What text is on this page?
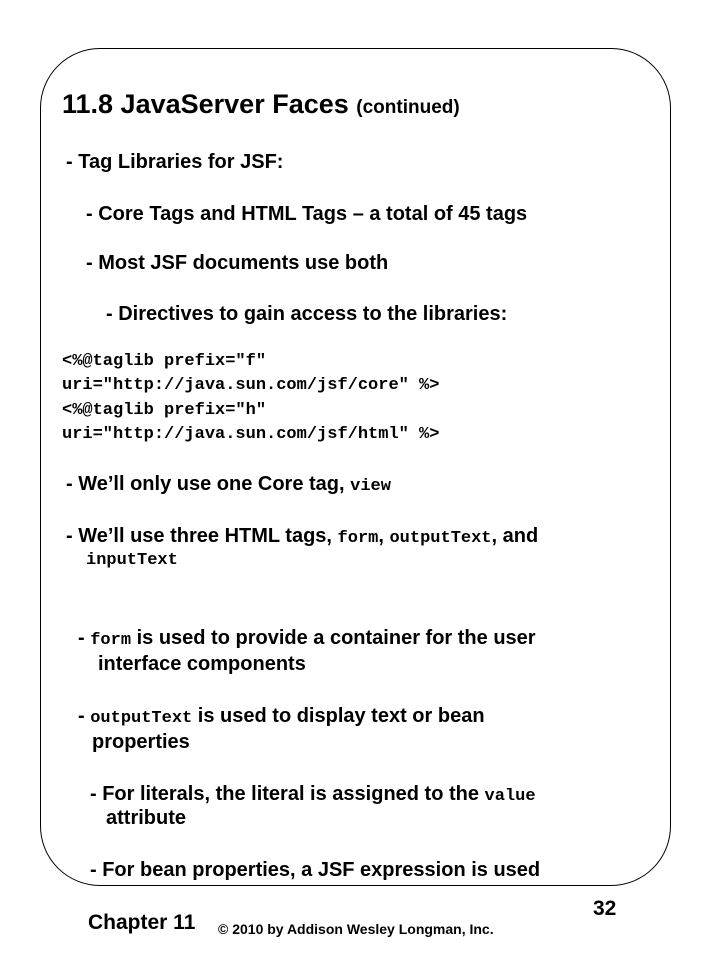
11.8 JavaServer Faces (continued)
- Tag Libraries for JSF:
- Core Tags and HTML Tags – a total of 45 tags
- Most JSF documents use both
- Directives to gain access to the libraries:
<%@taglib prefix="f"
uri="http://java.sun.com/jsf/core" %>
<%@taglib prefix="h"
uri="http://java.sun.com/jsf/html" %>
- We’ll only use one Core tag, view
- We’ll use three HTML tags, form, outputText, and
inputText
- form is used to provide a container for the user
interface components
- outputText is used to display text or bean
properties
- For literals, the literal is assigned to the value
attribute
- For bean properties, a JSF expression is used
Chapter 11 © 2010 by Addison Wesley Longman, Inc.
32
